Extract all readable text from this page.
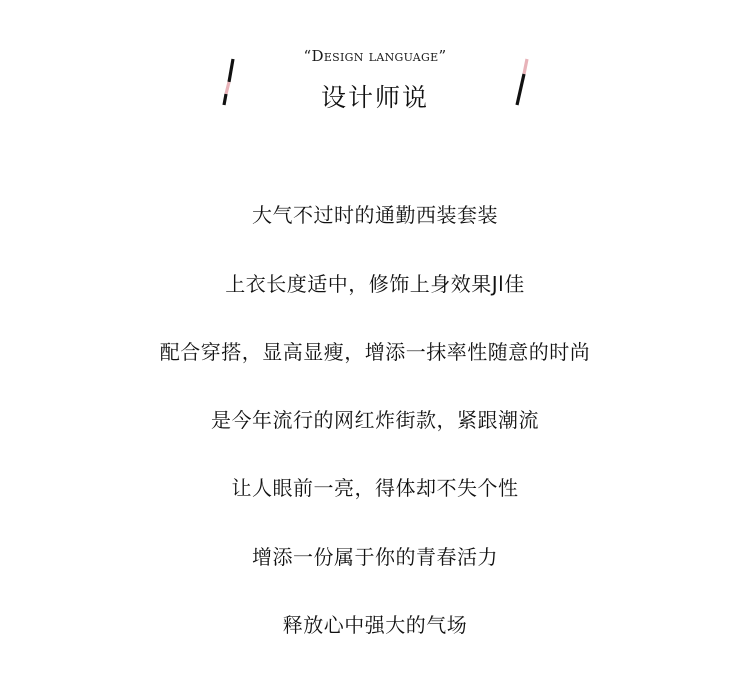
“Design language”
设计师说
大气不过时的通勤西装套装
上衣长度适中，修饰上身效果Jl佳
配合穿搭，显高显瘦，增添一抹率性随意的时尚
是今年流行的网红炸街款，紧跟潮流
让人眼前一亮，得体却不失个性
增添一份属于你的青春活力
释放心中强大的气场
